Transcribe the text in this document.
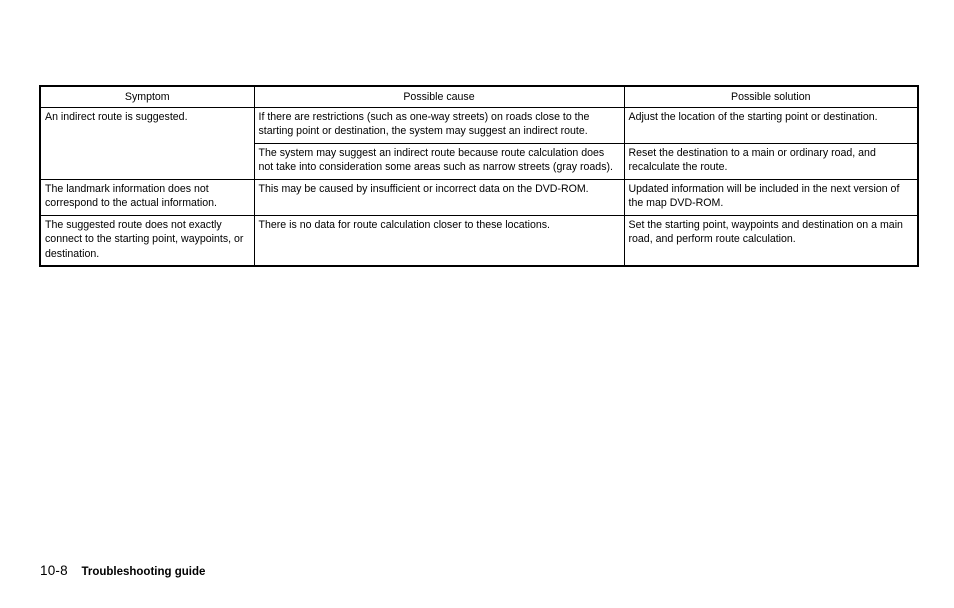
Symptom	Possible cause	Possible solution
An indirect route is suggested.	If there are restrictions (such as one-way streets) on roads close to the starting point or destination, the system may suggest an indirect route.	Adjust the location of the starting point or destination.
	The system may suggest an indirect route because route calculation does not take into consideration some areas such as narrow streets (gray roads).	Reset the destination to a main or ordinary road, and recalculate the route.
The landmark information does not correspond to the actual information.	This may be caused by insufficient or incorrect data on the DVD-ROM.	Updated information will be included in the next version of the map DVD-ROM.
The suggested route does not exactly connect to the starting point, waypoints, or destination.	There is no data for route calculation closer to these locations.	Set the starting point, waypoints and destination on a main road, and perform route calculation.
10-8 Troubleshooting guide
